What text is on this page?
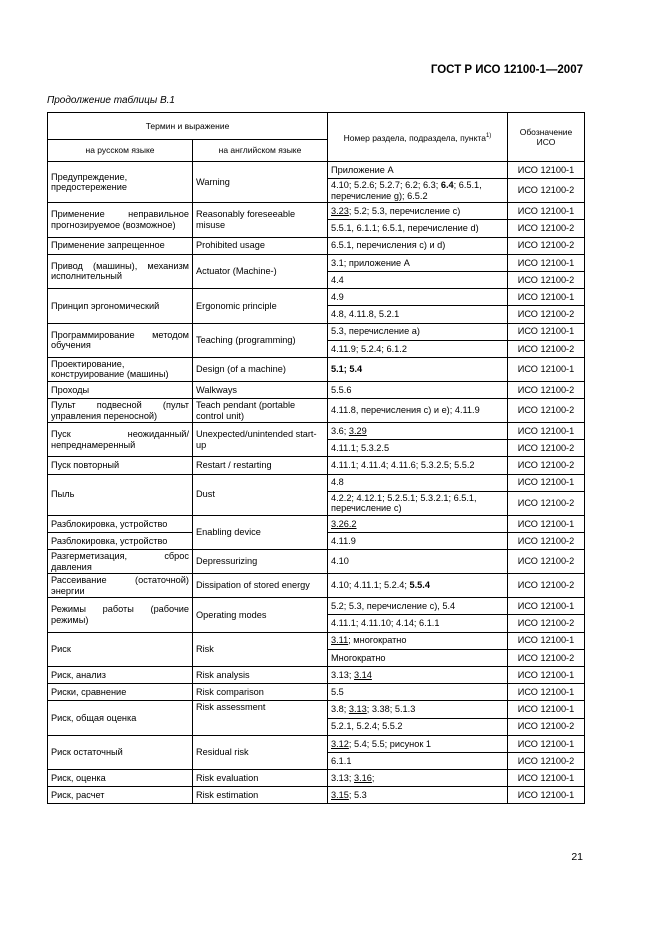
ГОСТ Р ИСО 12100-1—2007
Продолжение таблицы В.1
Термин и выражение		Номер раздела, подраздела, пункта$^{1)}$	Обозначение ИСО
на русском языке	на английском языке		
Предупреждение, предостережение	Warning	Приложение А	ИСО 12100-1
		4.10; 5.2.6; 5.2.7; 6.2; 6.3; 6.4; 6.5.1, перечисление g); 6.5.2	ИСО 12100-2
Применение неправильное прогнозируемое (возможное)	Reasonably foreseeable misuse	3.23; 5.2; 5.3, перечисление с)	ИСО 12100-1
		5.5.1, 6.1.1; 6.5.1, перечисление d)	ИСО 12100-2
Применение запрещенное	Prohibited usage	6.5.1, перечисления с) и d)	ИСО 12100-2
Привод (машины), механизм исполнительный	Actuator (Machine-)	3.1; приложение А	ИСО 12100-1
		4.4	ИСО 12100-2
Принцип эргономический	Ergonomic principle	4.9	ИСО 12100-1
		4.8, 4.11.8, 5.2.1	ИСО 12100-2
Программирование методом обучения	Teaching (programming)	5.3, перечисление а)	ИСО 12100-1
		4.11.9; 5.2.4; 6.1.2	ИСО 12100-2
Проектирование, конструирование (машины)	Design (of a machine)	5.1; 5.4	ИСО 12100-1
Проходы	Walkways	5.5.6	ИСО 12100-2
Пульт подвесной (пульт управления переносной)	Teach pendant (portable control unit)	4.11.8, перечисления с) и е); 4.11.9	ИСО 12100-2
Пуск неожиданный/непреднамеренный	Unexpected/unintended start-up	3.6; 3.29	ИСО 12100-1
		4.11.1; 5.3.2.5	ИСО 12100-2
Пуск повторный	Restart / restarting	4.11.1; 4.11.4; 4.11.6; 5.3.2.5; 5.5.2	ИСО 12100-2
Пыль	Dust	4.8	ИСО 12100-1
		4.2.2; 4.12.1; 5.2.5.1; 5.3.2.1; 6.5.1, перечисление с)	ИСО 12100-2
Разблокировка, устройство	Enabling device	3.26.2	ИСО 12100-1
Разблокировка, устройство		4.11.9	ИСО 12100-2
Разгерметизация, сброс давления	Depressurizing	4.10	ИСО 12100-2
Рассеивание (остаточной) энергии	Dissipation of stored energy	4.10; 4.11.1; 5.2.4; 5.5.4	ИСО 12100-2
Режимы работы (рабочие режимы)	Operating modes	5.2; 5.3, перечисление с), 5.4	ИСО 12100-1
		4.11.1; 4.11.10; 4.14; 6.1.1	ИСО 12100-2
Риск	Risk	3.11; многократно	ИСО 12100-1
		Многократно	ИСО 12100-2
Риск, анализ	Risk analysis	3.13; 3.14	ИСО 12100-1
Риски, сравнение	Risk comparison	5.5	ИСО 12100-1
Риск, общая оценка	Risk assessment	3.8; 3.13; 3.38; 5.1.3	ИСО 12100-1
		5.2.1, 5.2.4; 5.5.2	ИСО 12100-2
Риск остаточный	Residual risk	3.12; 5.4; 5.5; рисунок 1	ИСО 12100-1
		6.1.1	ИСО 12100-2
Риск, оценка	Risk evaluation	3.13; 3.16;	ИСО 12100-1
Риск, расчет	Risk estimation	3.15; 5.3	ИСО 12100-1
21
